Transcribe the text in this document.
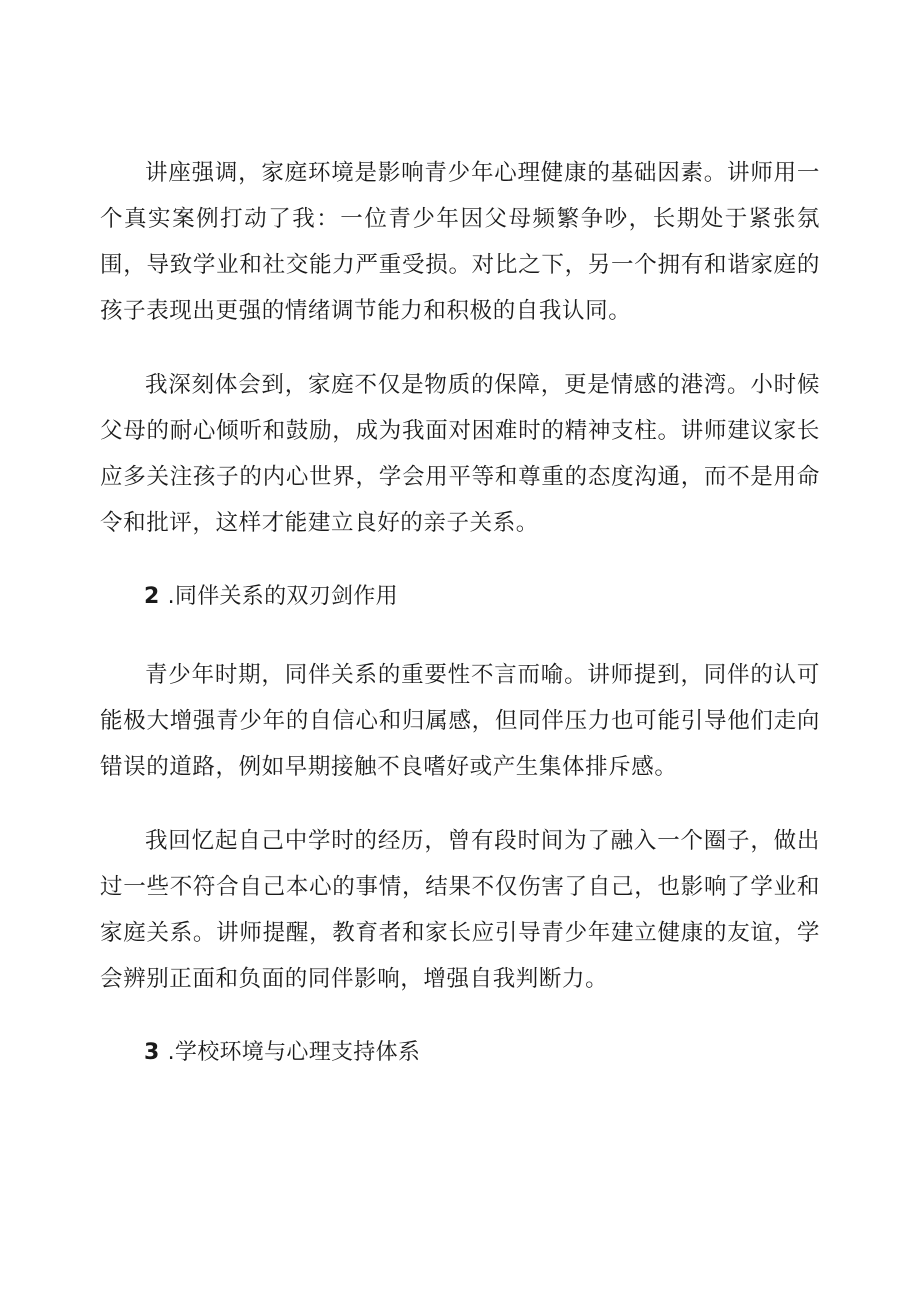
讲座强调，家庭环境是影响青少年心理健康的基础因素。讲师用一个真实案例打动了我：一位青少年因父母频繁争吵，长期处于紧张氛围，导致学业和社交能力严重受损。对比之下，另一个拥有和谐家庭的孩子表现出更强的情绪调节能力和积极的自我认同。

我深刻体会到，家庭不仅是物质的保障，更是情感的港湾。小时候父母的耐心倾听和鼓励，成为我面对困难时的精神支柱。讲师建议家长应多关注孩子的内心世界，学会用平等和尊重的态度沟通，而不是用命令和批评，这样才能建立良好的亲子关系。

2 .同伴关系的双刃剑作用

青少年时期，同伴关系的重要性不言而喻。讲师提到，同伴的认可能极大增强青少年的自信心和归属感，但同伴压力也可能引导他们走向错误的道路，例如早期接触不良嗜好或产生集体排斥感。

我回忆起自己中学时的经历，曾有段时间为了融入一个圈子，做出过一些不符合自己本心的事情，结果不仅伤害了自己，也影响了学业和家庭关系。讲师提醒，教育者和家长应引导青少年建立健康的友谊，学会辨别正面和负面的同伴影响，增强自我判断力。

3 .学校环境与心理支持体系
